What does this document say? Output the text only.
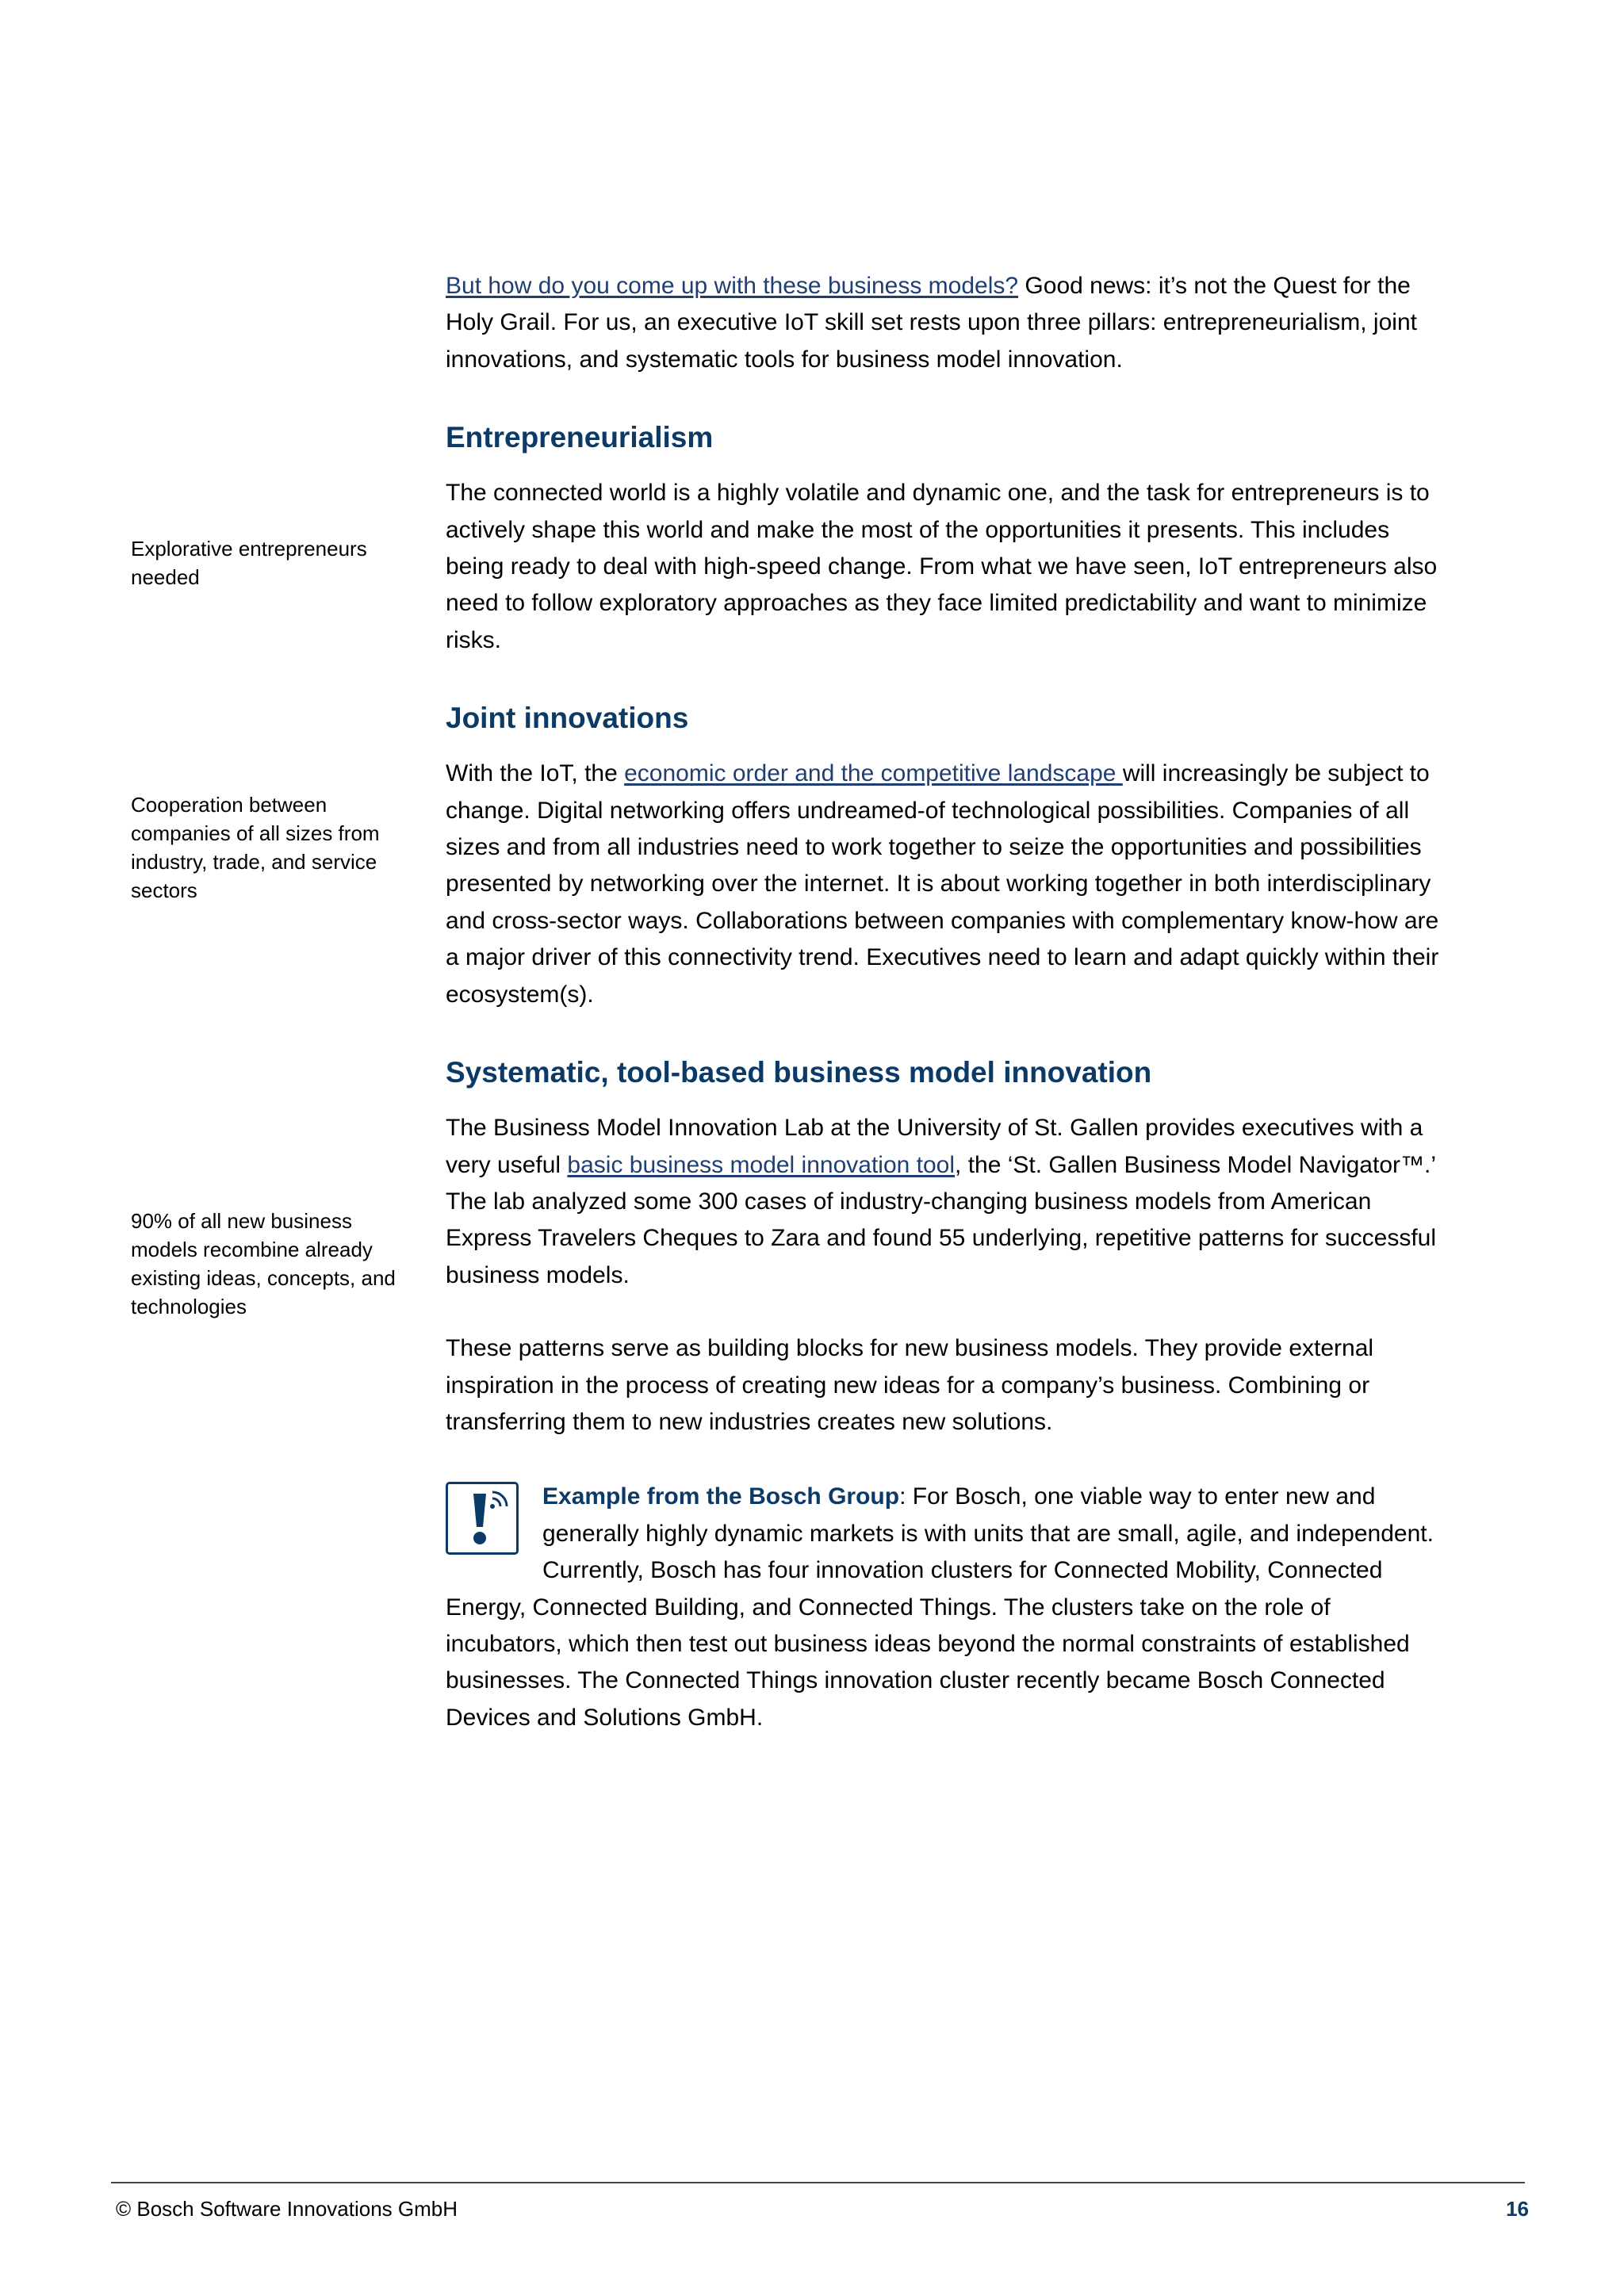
Explorative entrepreneurs needed
Cooperation between companies of all sizes from industry, trade, and service sectors
90% of all new business models recombine already existing ideas, concepts, and technologies

But how do you come up with these business models? Good news: it’s not the Quest for the Holy Grail. For us, an executive IoT skill set rests upon three pillars: entrepreneurialism, joint innovations, and systematic tools for business model innovation.

Entrepreneurialism

The connected world is a highly volatile and dynamic one, and the task for entrepreneurs is to actively shape this world and make the most of the opportunities it presents. This includes being ready to deal with high-speed change. From what we have seen, IoT entrepreneurs also need to follow exploratory approaches as they face limited predictability and want to minimize risks.

Joint innovations

With the IoT, the economic order and the competitive landscape will increasingly be subject to change. Digital networking offers undreamed-of technological possibilities. Companies of all sizes and from all industries need to work together to seize the opportunities and possibilities presented by networking over the internet. It is about working together in both interdisciplinary and cross-sector ways. Collaborations between companies with complementary know-how are a major driver of this connectivity trend. Executives need to learn and adapt quickly within their ecosystem(s).

Systematic, tool-based business model innovation

The Business Model Innovation Lab at the University of St. Gallen provides executives with a very useful basic business model innovation tool, the ‘St. Gallen Business Model Navigator™.’ The lab analyzed some 300 cases of industry-changing business models from American Express Travelers Cheques to Zara and found 55 underlying, repetitive patterns for successful business models.

These patterns serve as building blocks for new business models. They provide external inspiration in the process of creating new ideas for a company’s business. Combining or transferring them to new industries creates new solutions.

Example from the Bosch Group: For Bosch, one viable way to enter new and generally highly dynamic markets is with units that are small, agile, and independent. Currently, Bosch has four innovation clusters for Connected Mobility, Connected Energy, Connected Building, and Connected Things. The clusters take on the role of incubators, which then test out business ideas beyond the normal constraints of established businesses. The Connected Things innovation cluster recently became Bosch Connected Devices and Solutions GmbH.

© Bosch Software Innovations GmbH	16
